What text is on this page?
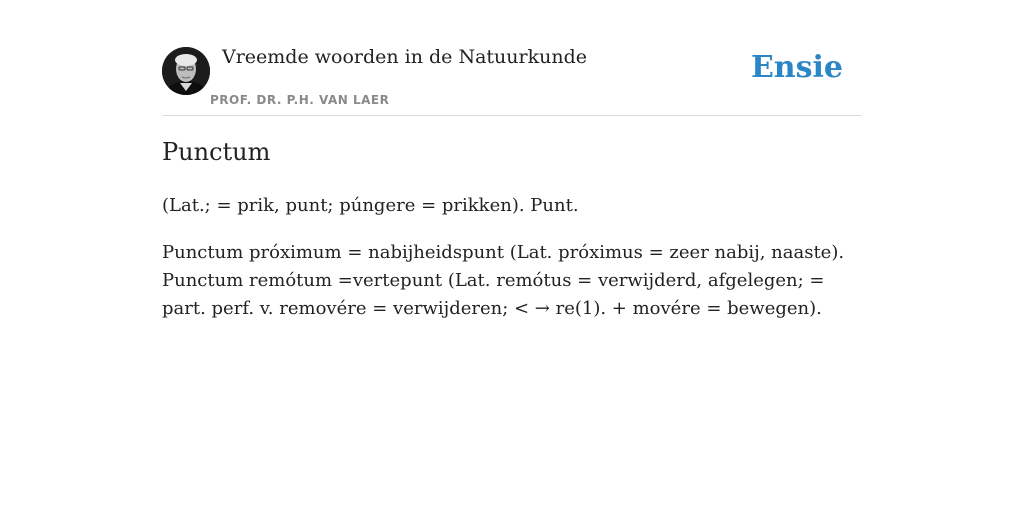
Vreemde woorden in de Natuurkunde
PROF. DR. P.H. VAN LAER
Ensie
Punctum

(Lat.; = prik, punt; púngere = prikken). Punt.

Punctum próximum = nabijheidspunt (Lat. próximus = zeer nabij, naaste). Punctum remótum =vertepunt (Lat. remótus = verwijderd, afgelegen; = part. perf. v. removére = verwijderen; < → re(1). + movére = bewegen).
